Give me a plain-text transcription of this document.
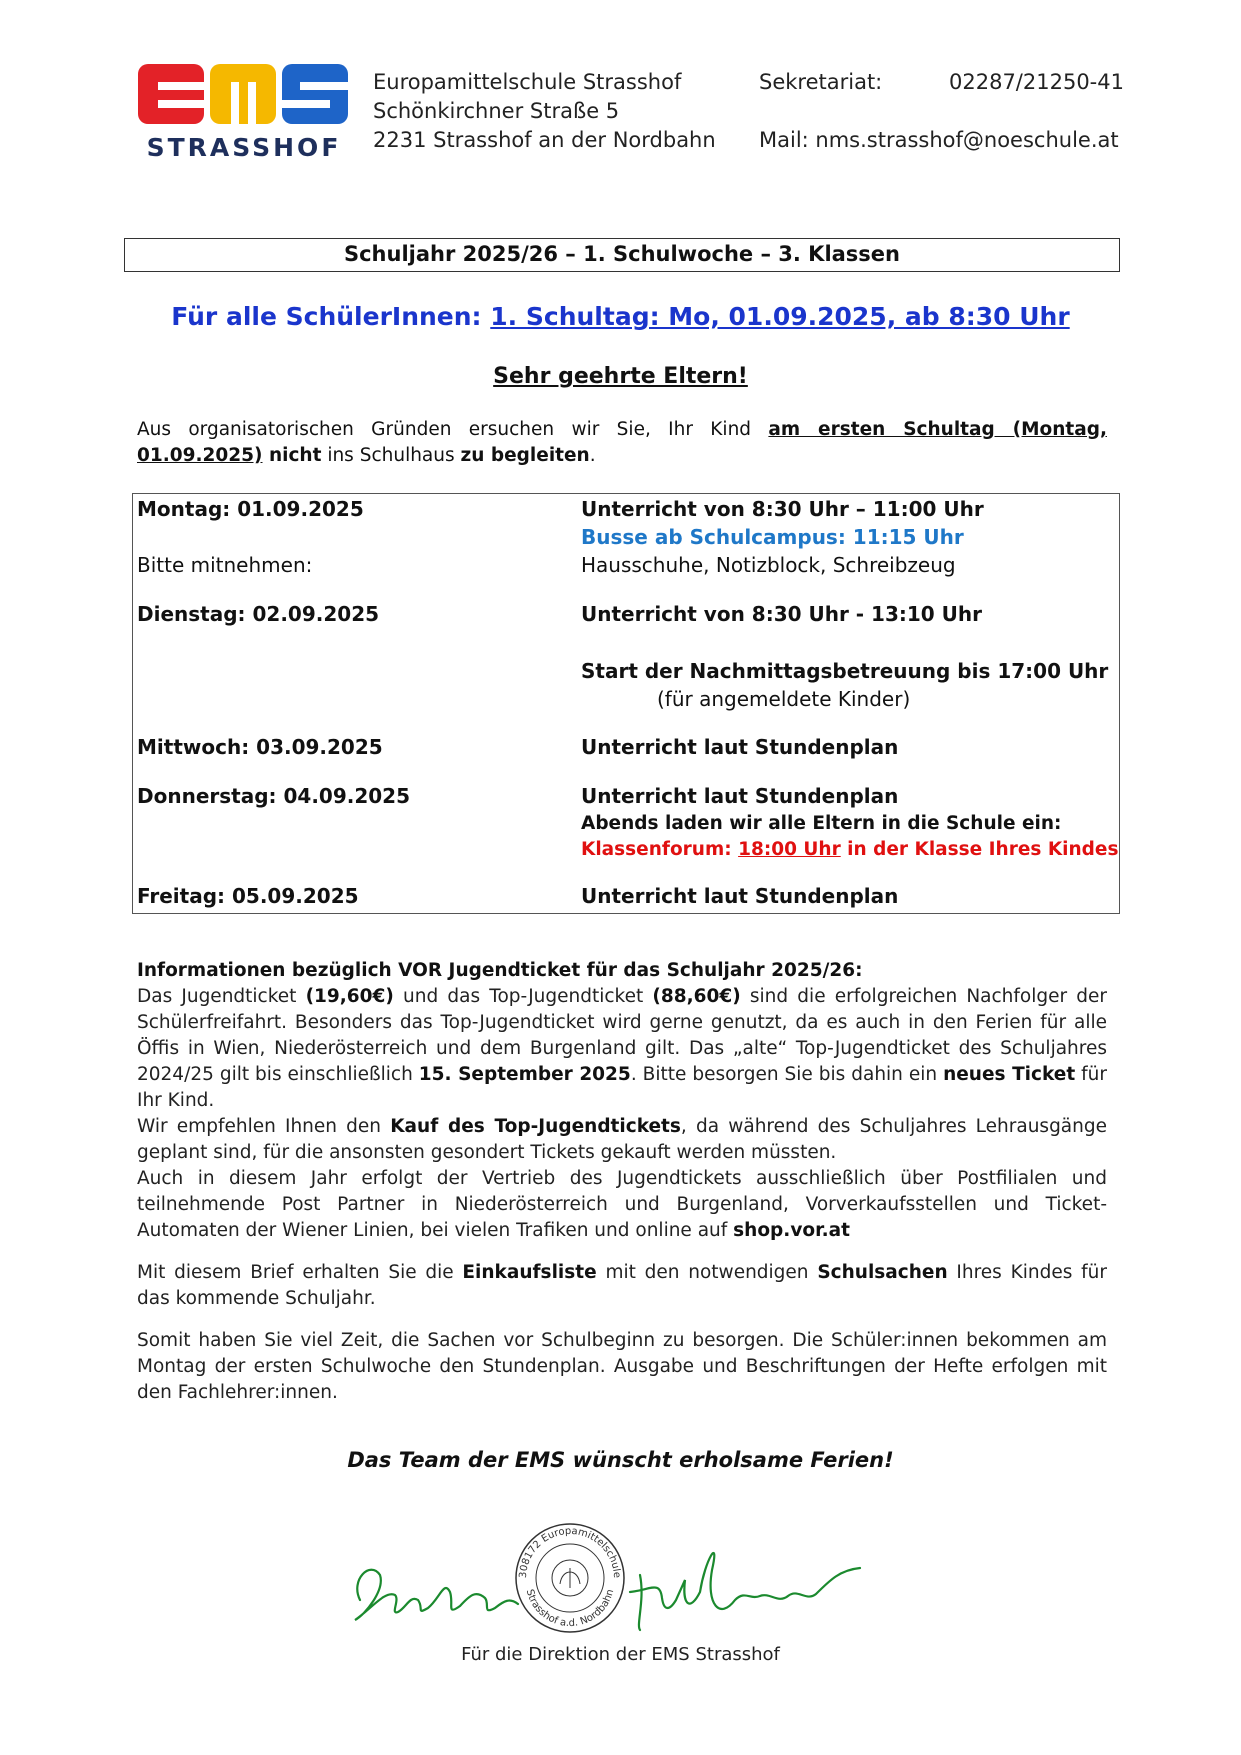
STRASSHOF
Europamittelschule Strasshof
Schönkirchner Straße 5
2231 Strasshof an der Nordbahn
Sekretariat:	02287/21250-41
Mail: nms.strasshof@noeschule.at
Schuljahr 2025/26 – 1. Schulwoche – 3. Klassen
Für alle SchülerInnen: 1. Schultag: Mo, 01.09.2025, ab 8:30 Uhr
Sehr geehrte Eltern!
Aus organisatorischen Gründen ersuchen wir Sie, Ihr Kind am ersten Schultag (Montag, 01.09.2025) nicht ins Schulhaus zu begleiten.
Montag: 01.09.2025	Unterricht von 8:30 Uhr – 11:00 Uhr
Busse ab Schulcampus: 11:15 Uhr
Bitte mitnehmen:	Hausschuhe, Notizblock, Schreibzeug
Dienstag: 02.09.2025	Unterricht von 8:30 Uhr - 13:10 Uhr
Start der Nachmittagsbetreuung bis 17:00 Uhr
(für angemeldete Kinder)
Mittwoch: 03.09.2025	Unterricht laut Stundenplan
Donnerstag: 04.09.2025	Unterricht laut Stundenplan
Abends laden wir alle Eltern in die Schule ein:
Klassenforum: 18:00 Uhr in der Klasse Ihres Kindes
Freitag: 05.09.2025	Unterricht laut Stundenplan

Informationen bezüglich VOR Jugendticket für das Schuljahr 2025/26:
Das Jugendticket (19,60€) und das Top-Jugendticket (88,60€) sind die erfolgreichen Nachfolger der Schülerfreifahrt. Besonders das Top-Jugendticket wird gerne genutzt, da es auch in den Ferien für alle Öffis in Wien, Niederösterreich und dem Burgenland gilt. Das „alte“ Top-Jugendticket des Schuljahres 2024/25 gilt bis einschließlich 15. September 2025. Bitte besorgen Sie bis dahin ein neues Ticket für Ihr Kind.
Wir empfehlen Ihnen den Kauf des Top-Jugendtickets, da während des Schuljahres Lehrausgänge geplant sind, für die ansonsten gesondert Tickets gekauft werden müssten.
Auch in diesem Jahr erfolgt der Vertrieb des Jugendtickets ausschließlich über Postfilialen und teilnehmende Post Partner in Niederösterreich und Burgenland, Vorverkaufsstellen und Ticket-Automaten der Wiener Linien, bei vielen Trafiken und online auf shop.vor.at

Mit diesem Brief erhalten Sie die Einkaufsliste mit den notwendigen Schulsachen Ihres Kindes für das kommende Schuljahr.

Somit haben Sie viel Zeit, die Sachen vor Schulbeginn zu besorgen. Die Schüler:innen bekommen am Montag der ersten Schulwoche den Stundenplan. Ausgabe und Beschriftungen der Hefte erfolgen mit den Fachlehrer:innen.

Das Team der EMS wünscht erholsame Ferien!
308172 Europamittelschule
Strasshof a.d. Nordbahn
Für die Direktion der EMS Strasshof
